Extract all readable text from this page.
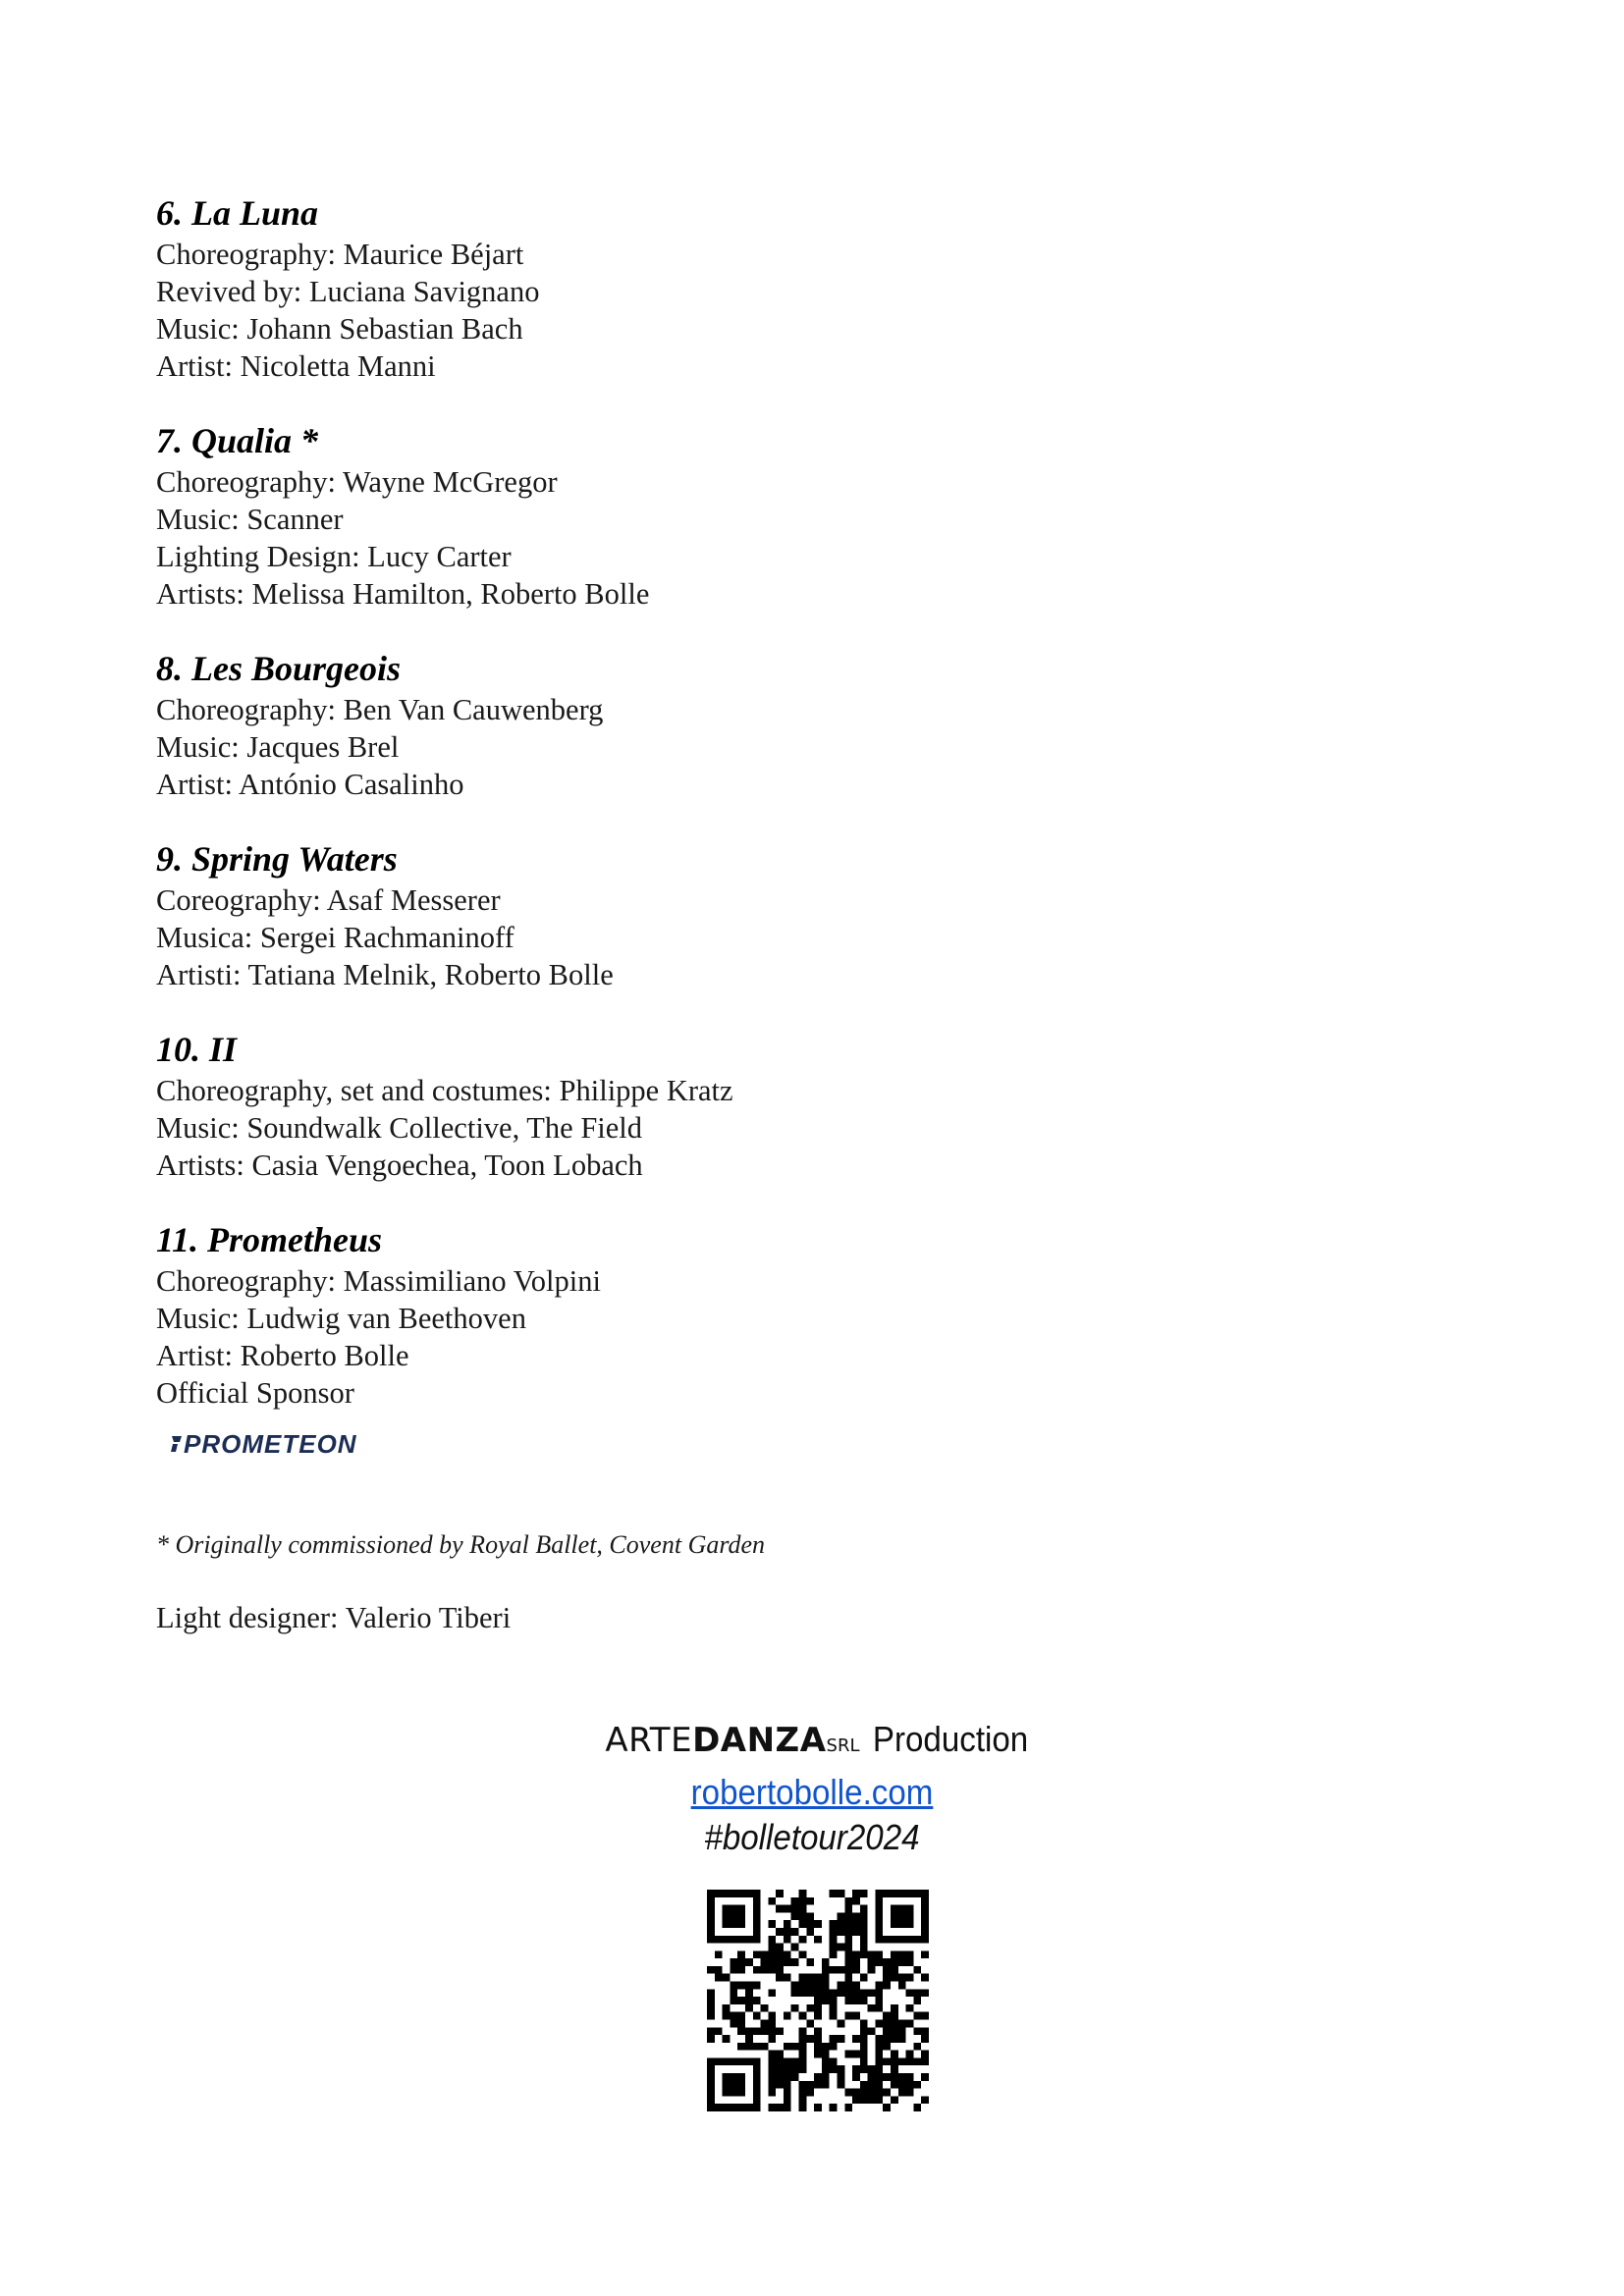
6. La Luna
Choreography: Maurice Béjart
Revived by: Luciana Savignano
Music: Johann Sebastian Bach
Artist: Nicoletta Manni
7. Qualia *
Choreography: Wayne McGregor
Music: Scanner
Lighting Design: Lucy Carter
Artists: Melissa Hamilton, Roberto Bolle
8. Les Bourgeois
Choreography: Ben Van Cauwenberg
Music: Jacques Brel
Artist: António Casalinho
9. Spring Waters
Coreography: Asaf Messerer
Musica: Sergei Rachmaninoff
Artisti: Tatiana Melnik, Roberto Bolle
10. II
Choreography, set and costumes: Philippe Kratz
Music: Soundwalk Collective, The Field
Artists: Casia Vengoechea, Toon Lobach
11. Prometheus
Choreography: Massimiliano Volpini
Music: Ludwig van Beethoven
Artist: Roberto Bolle
Official Sponsor
PROMETEON
* Originally commissioned by Royal Ballet, Covent Garden
Light designer: Valerio Tiberi
ARTE DANZA SRL Production
robertobolle.com
#bolletour2024
